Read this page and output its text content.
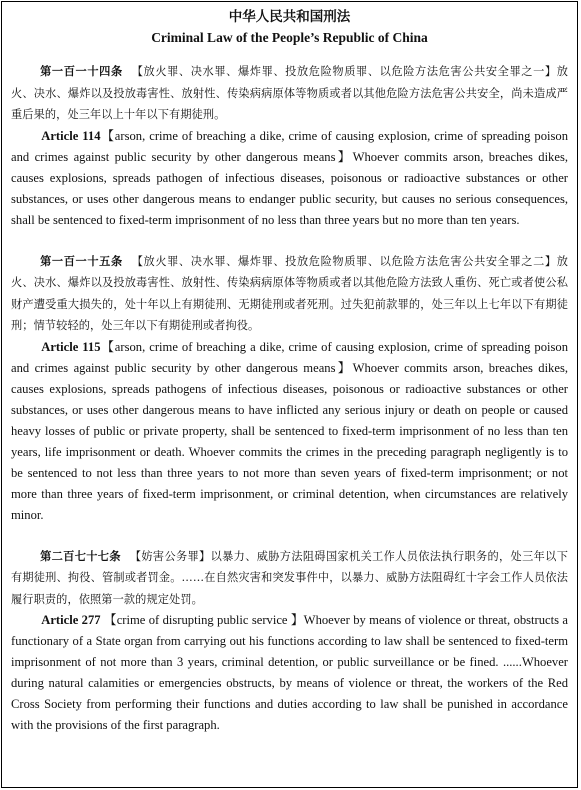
中华人民共和国刑法
Criminal Law of the People’s Republic of China

第一百一十四条 【放火罪、决水罪、爆炸罪、投放危险物质罪、以危险方法危害公共安全罪之一】放火、决水、爆炸以及投放毒害性、放射性、传染病病原体等物质或者以其他危险方法危害公共安全，尚未造成严重后果的，处三年以上十年以下有期徒刑。

Article 114【arson, crime of breaching a dike, crime of causing explosion, crime of spreading poison and crimes against public security by other dangerous means】Whoever commits arson, breaches dikes, causes explosions, spreads pathogen of infectious diseases, poisonous or radioactive substances or other substances, or uses other dangerous means to endanger public security, but causes no serious consequences, shall be sentenced to fixed-term imprisonment of no less than three years but no more than ten years.

第一百一十五条 【放火罪、决水罪、爆炸罪、投放危险物质罪、以危险方法危害公共安全罪之二】放火、决水、爆炸以及投放毒害性、放射性、传染病病原体等物质或者以其他危险方法致人重伤、死亡或者使公私财产遭受重大损失的，处十年以上有期徒刑、无期徒刑或者死刑。过失犯前款罪的，处三年以上七年以下有期徒刑；情节较轻的，处三年以下有期徒刑或者拘役。

Article 115【arson, crime of breaching a dike, crime of causing explosion, crime of spreading poison and crimes against public security by other dangerous means】Whoever commits arson, breaches dikes, causes explosions, spreads pathogens of infectious diseases, poisonous or radioactive substances or other substances, or uses other dangerous means to have inflicted any serious injury or death on people or caused heavy losses of public or private property, shall be sentenced to fixed-term imprisonment of no less than ten years, life imprisonment or death. Whoever commits the crimes in the preceding paragraph negligently is to be sentenced to not less than three years to not more than seven years of fixed-term imprisonment; or not more than three years of fixed-term imprisonment, or criminal detention, when circumstances are relatively minor.

第二百七十七条 【妨害公务罪】以暴力、威胁方法阻碍国家机关工作人员依法执行职务的，处三年以下有期徒刑、拘役、管制或者罚金。……在自然灾害和突发事件中，以暴力、威胁方法阻碍红十字会工作人员依法履行职责的，依照第一款的规定处罚。

Article 277 【crime of disrupting public service 】Whoever by means of violence or threat, obstructs a functionary of a State organ from carrying out his functions according to law shall be sentenced to fixed-term imprisonment of not more than 3 years, criminal detention, or public surveillance or be fined. ......Whoever during natural calamities or emergencies obstructs, by means of violence or threat, the workers of the Red Cross Society from performing their functions and duties according to law shall be punished in accordance with the provisions of the first paragraph.
